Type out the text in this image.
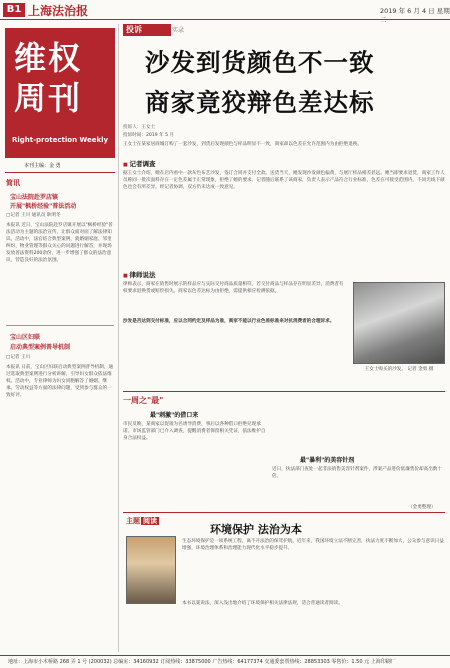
B1 上海法治报	2019 年 6 月 4 日 星期二
维权
周刊
Right-protection Weekly
本刊主编：金 勇
简讯
宝山法院赴罗店镇
开展"枫桥经验"普法活动
□记者 王川 通讯员 耿明冬
本报讯 近日，宝山法院赴罗店镇开展以"枫桥经验"普法活动为主题的法治宣传，让群众面对面了解法律知识。活动中，法官结合典型案例，就婚姻家庭、邻里纠纷、物业管理等群众关心的问题进行解答，并现场发放普法资料200余份，进一步增强了群众的法治意识，营造良好的法治氛围。
宝山区妇联
启动典型案例普导机制
□记者 王川
本报讯 日前，宝山区妇联启动典型案例普导机制，通过选取典型案例进行分析讲解，引导妇女群众依法维权。活动中，专业律师为妇女同胞解答了婚姻、继承、劳动权益等方面的法律问题，受到参与群众的一致好评。
投诉	实录
沙发到货颜色不一致
商家竟狡辩色差达标
投诉人：王女士
投诉时间：2019 年 5 月
王女士在某家居商城订购了一套沙发，到货后发现颜色与样品明显不一致，商家却以色差在允许范围内为由拒绝退换。
■ 记者调查
据王女士介绍，她在店内看中一款灰色布艺沙发，签订合同并支付全款。送货当天，她发现沙发颜色偏黄，与展厅样品相差甚远。她当即要求退货，商家工作人员称同一批次面料存在一定色差属于正常现象，拒绝了她的要求。记者随后联系了该商家，负责人表示产品符合行业标准，色差在可接受范围内，不同光线下颜色也会有所差异。经记者协调，双方仍未达成一致意见。
■ 律师说法
律师表示，商家在销售时展示的样品应与实际交付商品质量相符。若交付商品与样品存在明显差异，消费者有权要求退换货或赔偿损失。商家以色差达标为由拒绝，需提供相应检测依据。
沙发是否达到交付标准，应以合同约定及样品为准，商家不能以行业色差标准来对抗消费者的合理诉求。
王女士购买的沙发。 记者 金勇 摄
一周之"最"
最"刺激"的借口来
市民反映，某商家以促销为名诱导消费，事后以各种借口拒绝兑现承诺。市场监管部门已介入调查，提醒消费者保留相关凭证，依法维护自身合法权益。
最"暴利"的美容针剂
近日，执法部门查处一起非法销售美容针剂案件，涉案产品进价低廉售价却高出数十倍。
（金勇整理）
主题 阅读
环境保护 法治为本
生态环境保护是一项系统工程，离不开法治的保驾护航。近年来，我国环境立法不断完善，执法力度不断加大，公众参与意识日益增强，环境治理体系和治理能力现代化水平稳步提升。
本书以案说法，深入浅出地介绍了环境保护相关法律法规，适合普通读者阅读。
地址：上海市小木桥路 268 弄 1 号 (200032) 总编室：34160932 订阅热线：33875000 广告热线：64177374 交通委套票热线：28853303 零售价：1.50 元 上海印刷厂
